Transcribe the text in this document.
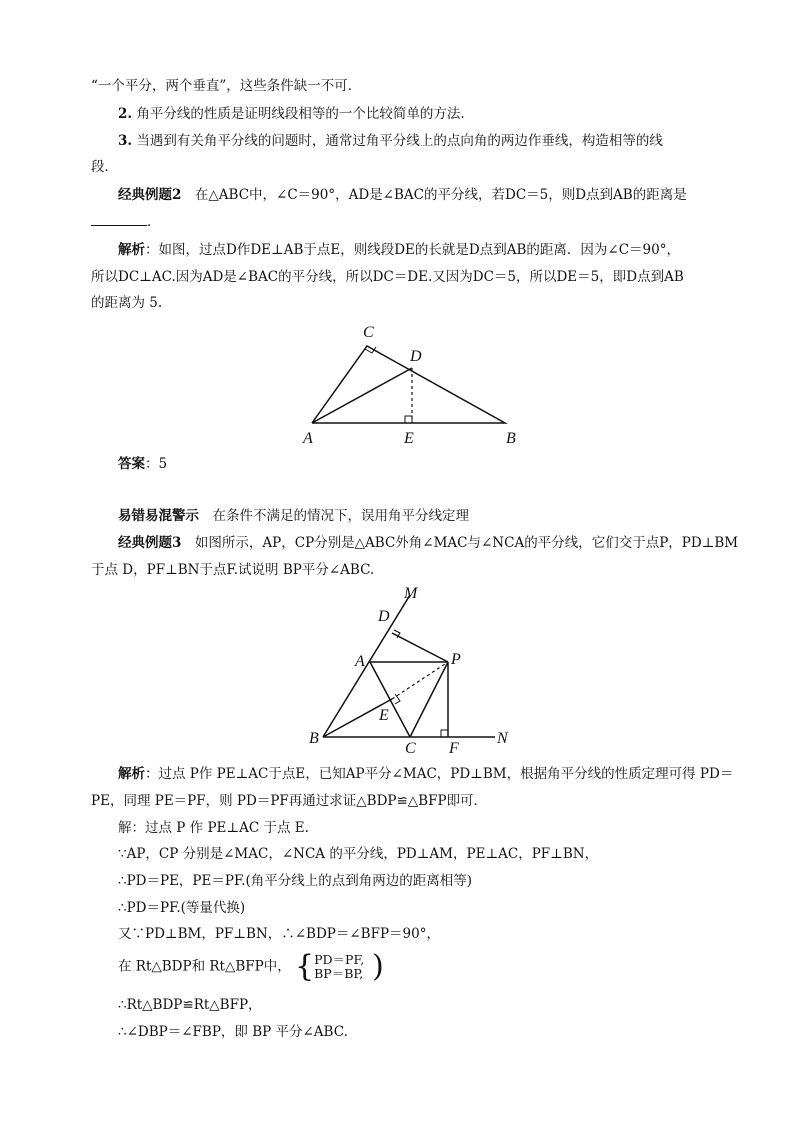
“一个平分，两个垂直”，这些条件缺一不可．
2. 角平分线的性质是证明线段相等的一个比较简单的方法.
3. 当遇到有关角平分线的问题时，通常过角平分线上的点向角的两边作垂线，构造相等的线
段．
经典例题2　在△ABC中，∠C＝90°，AD是∠BAC的平分线，若DC＝5，则D点到AB的距离是
．
解析：如图，过点D作DE⊥AB于点E，则线段DE的长就是D点到AB的距离．因为∠C＝90°，
所以DC⊥AC.因为AD是∠BAC的平分线，所以DC＝DE.又因为DC＝5，所以DE＝5，即D点到AB
的距离为 5.
C
D
A	E	B
答案：5
易错易混警示　在条件不满足的情况下，误用角平分线定理
经典例题3　如图所示，AP，CP分别是△ABC外角∠MAC与∠NCA的平分线，它们交于点P，PD⊥BM
于点 D，PF⊥BN于点F.试说明 BP平分∠ABC.
M
D
A	P
E
B
C F
N
解析：过点 P作 PE⊥AC于点E，已知AP平分∠MAC，PD⊥BM，根据角平分线的性质定理可得 PD＝
PE，同理 PE＝PF，则 PD＝PF再通过求证△BDP≌△BFP即可．
解：过点 P 作 PE⊥AC 于点 E.
∵AP，CP 分别是∠MAC，∠NCA 的平分线，PD⊥AM，PE⊥AC，PF⊥BN，
∴PD＝PE，PE＝PF.(角平分线上的点到角两边的距离相等)
∴PD＝PF.(等量代换)
又∵PD⊥BM，PF⊥BN，∴∠BDP＝∠BFP＝90°，
在 Rt△BDP和 Rt△BFP中， {PD＝PF,
BP＝BP, )
∴Rt△BDP≌Rt△BFP，
∴∠DBP＝∠FBP，即 BP 平分∠ABC.
